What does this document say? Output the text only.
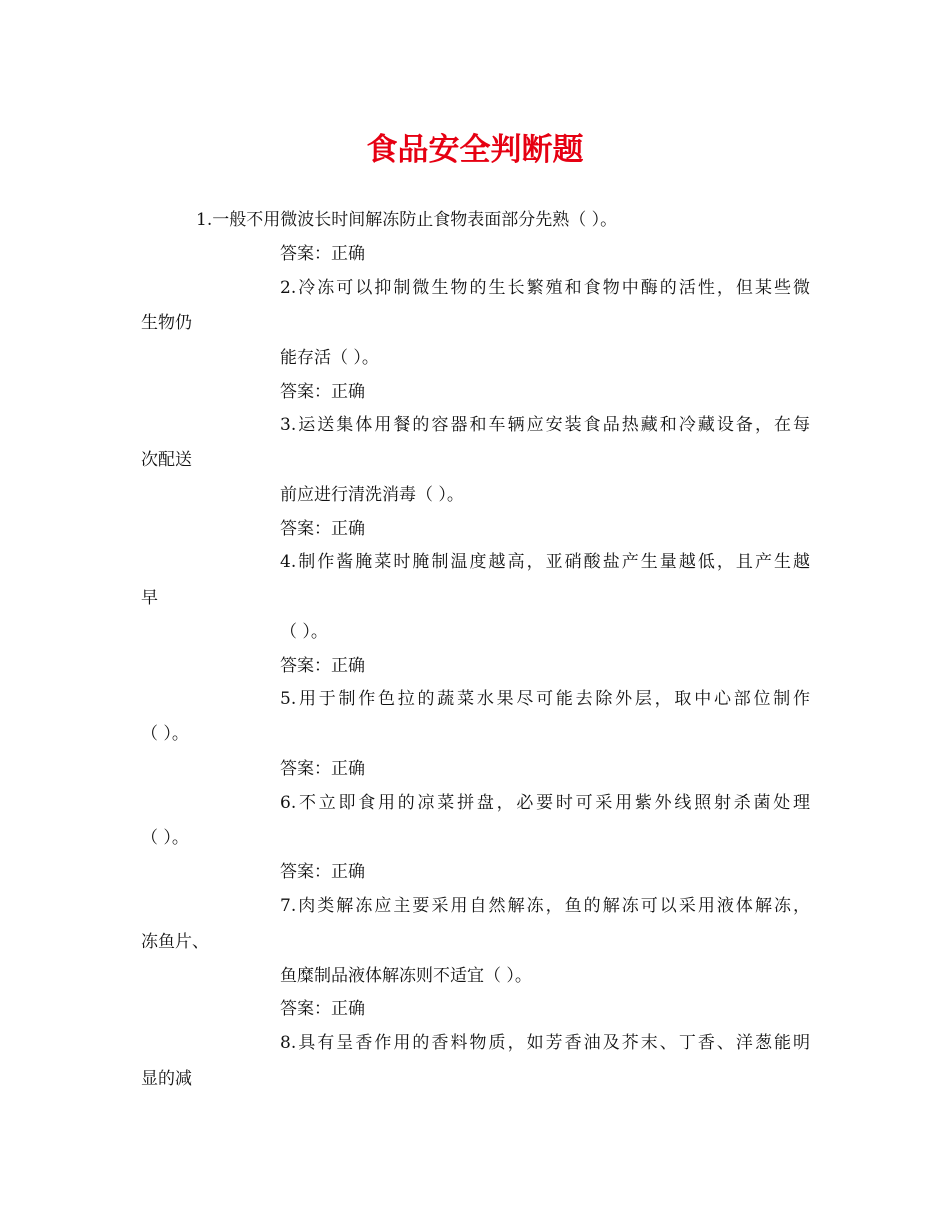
食品安全判断题
1.一般不用微波长时间解冻防止食物表面部分先熟（ ）。
答案：正确
2.冷冻可以抑制微生物的生长繁殖和食物中酶的活性，但某些微
生物仍
能存活（ ）。
答案：正确
3.运送集体用餐的容器和车辆应安装食品热藏和冷藏设备，在每
次配送
前应进行清洗消毒（ ）。
答案：正确
4.制作酱腌菜时腌制温度越高，亚硝酸盐产生量越低，且产生越
早
（ ）。
答案：正确
5.用于制作色拉的蔬菜水果尽可能去除外层，取中心部位制作
（ ）。
答案：正确
6.不立即食用的凉菜拼盘，必要时可采用紫外线照射杀菌处理
（ ）。
答案：正确
7.肉类解冻应主要采用自然解冻，鱼的解冻可以采用液体解冻，
冻鱼片、
鱼糜制品液体解冻则不适宜（ ）。
答案：正确
8.具有呈香作用的香料物质，如芳香油及芥末、丁香、洋葱能明
显的减
